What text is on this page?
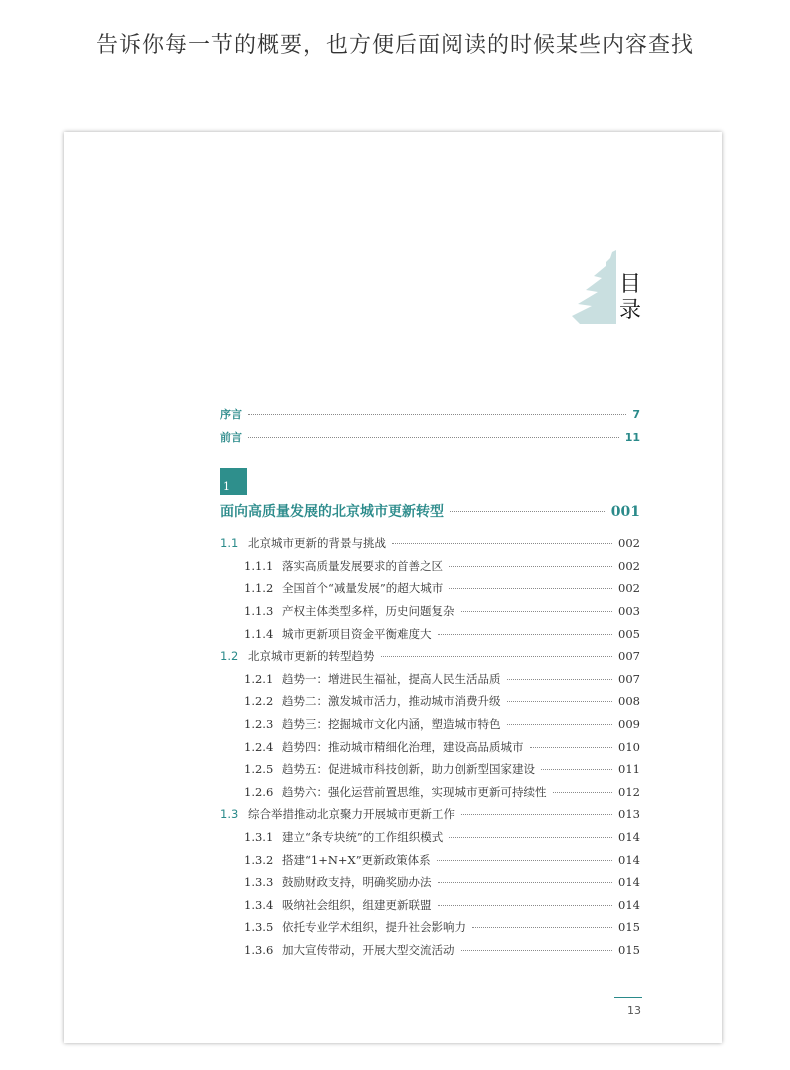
告诉你每一节的概要，也方便后面阅读的时候某些内容查找
目
录
序言	7
前言	11
1
面向高质量发展的北京城市更新转型	001
1.1 北京城市更新的背景与挑战	002
1.1.1 落实高质量发展要求的首善之区	002
1.1.2 全国首个“减量发展”的超大城市	002
1.1.3 产权主体类型多样，历史问题复杂	003
1.1.4 城市更新项目资金平衡难度大	005
1.2 北京城市更新的转型趋势	007
1.2.1 趋势一：增进民生福祉，提高人民生活品质	007
1.2.2 趋势二：激发城市活力，推动城市消费升级	008
1.2.3 趋势三：挖掘城市文化内涵，塑造城市特色	009
1.2.4 趋势四：推动城市精细化治理，建设高品质城市	010
1.2.5 趋势五：促进城市科技创新，助力创新型国家建设	011
1.2.6 趋势六：强化运营前置思维，实现城市更新可持续性	012
1.3 综合举措推动北京聚力开展城市更新工作	013
1.3.1 建立“条专块统”的工作组织模式	014
1.3.2 搭建“1+N+X”更新政策体系	014
1.3.3 鼓励财政支持，明确奖励办法	014
1.3.4 吸纳社会组织，组建更新联盟	014
1.3.5 依托专业学术组织，提升社会影响力	015
1.3.6 加大宣传带动，开展大型交流活动	015
13
